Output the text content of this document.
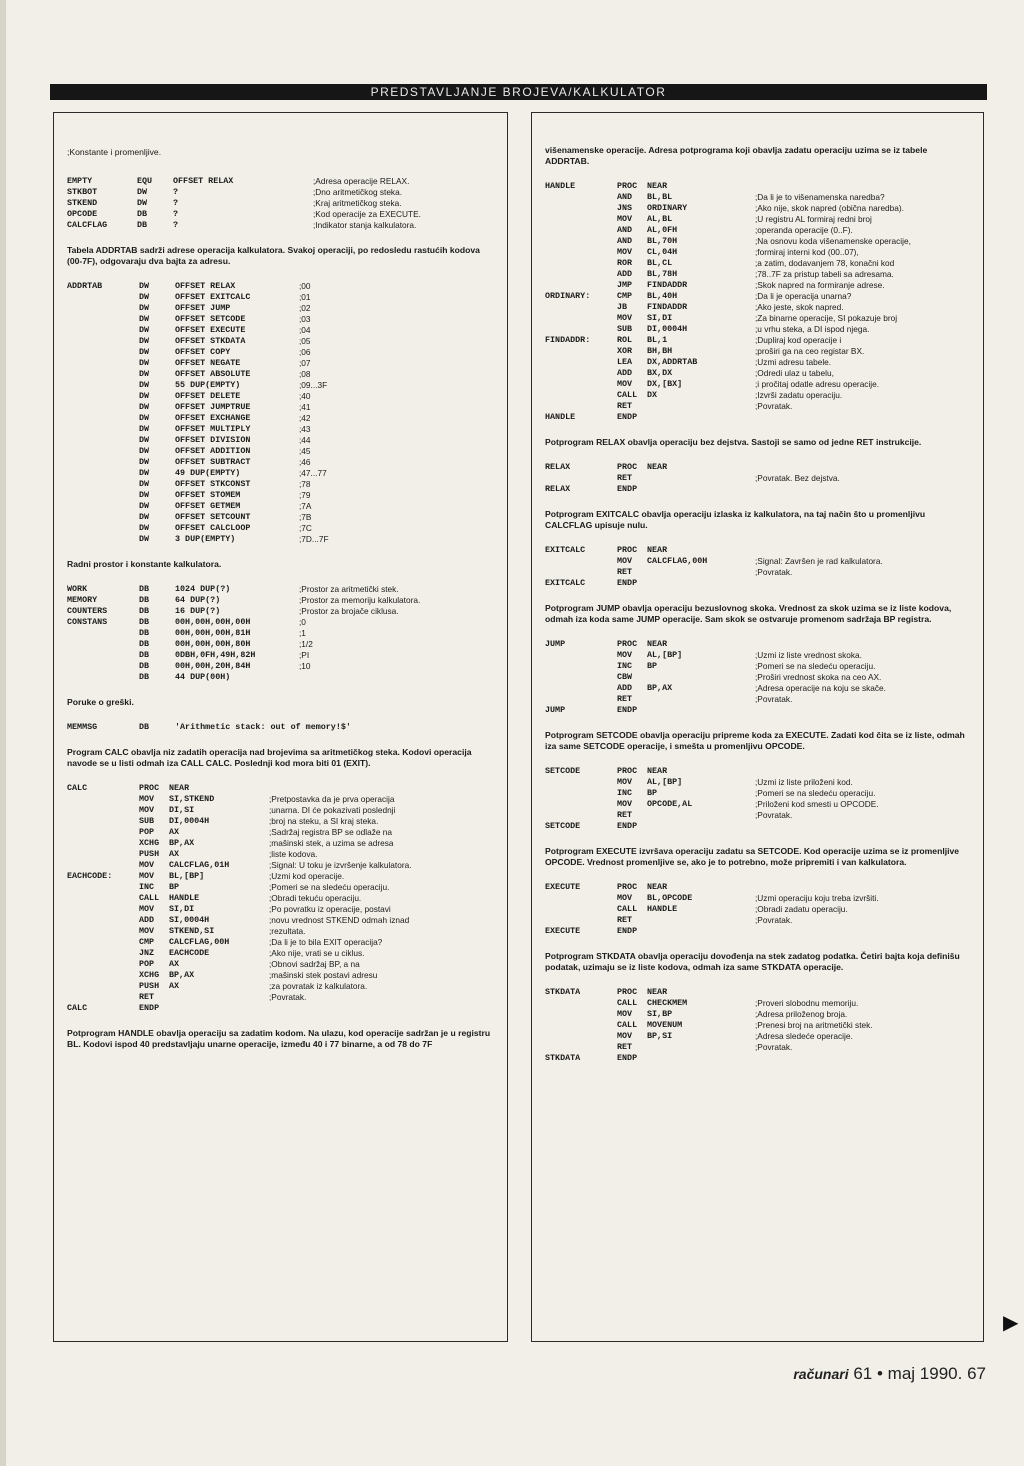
PREDSTAVLJANJE BROJEVA/KALKULATOR
;Konstante i promenljive.
EMPTY	EQU	OFFSET RELAX	;Adresa operacije RELAX.
STKBOT	DW	?	;Dno aritmetičkog steka.
STKEND	DW	?	;Kraj aritmetičkog steka.
OPCODE	DB	?	;Kod operacije za EXECUTE.
CALCFLAG	DB	?	;Indikator stanja kalkulatora.
Tabela ADDRTAB sadrži adrese operacija kalkulatora. Svakoj operaciji, po redosledu rastućih kodova (00-7F), odgovaraju dva bajta za adresu.
ADDRTAB	DW	OFFSET RELAX	;00
DW	OFFSET EXITCALC	;01
DW	OFFSET JUMP	;02
DW	OFFSET SETCODE	;03
DW	OFFSET EXECUTE	;04
DW	OFFSET STKDATA	;05
DW	OFFSET COPY	;06
DW	OFFSET NEGATE	;07
DW	OFFSET ABSOLUTE	;08
DW	55 DUP(EMPTY)	;09...3F
DW	OFFSET DELETE	;40
DW	OFFSET JUMPTRUE	;41
DW	OFFSET EXCHANGE	;42
DW	OFFSET MULTIPLY	;43
DW	OFFSET DIVISION	;44
DW	OFFSET ADDITION	;45
DW	OFFSET SUBTRACT	;46
DW	49 DUP(EMPTY)	;47...77
DW	OFFSET STKCONST	;78
DW	OFFSET STOMEM	;79
DW	OFFSET GETMEM	;7A
DW	OFFSET SETCOUNT	;7B
DW	OFFSET CALCLOOP	;7C
DW	3 DUP(EMPTY)	;7D...7F
Radni prostor i konstante kalkulatora.
WORK	DB	1024 DUP(?)	;Prostor za aritmetički stek.
MEMORY	DB	64 DUP(?)	;Prostor za memoriju kalkulatora.
COUNTERS	DB	16 DUP(?)	;Prostor za brojače ciklusa.
CONSTANS	DB	00H,00H,00H,00H	;0
DB	00H,00H,00H,81H	;1
DB	00H,00H,00H,80H	;1/2
DB	0DBH,0FH,49H,82H	;PI
DB	00H,00H,20H,84H	;10
DB	44 DUP(00H)
Poruke o greški.
MEMMSG	DB	'Arithmetic stack: out of memory!$'
Program CALC obavlja niz zadatih operacija nad brojevima sa aritmetičkog steka. Kodovi operacija navode se u listi odmah iza CALL CALC. Poslednji kod mora biti 01 (EXIT).
CALC	PROC	NEAR
MOV	SI,STKEND	;Pretpostavka da je prva operacija
MOV	DI,SI	;unarna. DI će pokazivati poslednji
SUB	DI,0004H	;broj na steku, a SI kraj steka.
POP	AX	;Sadržaj registra BP se odlaže na
XCHG	BP,AX	;mašinski stek, a uzima se adresa
PUSH	AX	;liste kodova.
MOV	CALCFLAG,01H	;Signal: U toku je izvršenje kalkulatora.
EACHCODE:	MOV	BL,[BP]	;Uzmi kod operacije.
INC	BP	;Pomeri se na sledeću operaciju.
CALL	HANDLE	;Obradi tekuću operaciju.
MOV	SI,DI	;Po povratku iz operacije, postavi
ADD	SI,0004H	;novu vrednost STKEND odmah iznad
MOV	STKEND,SI	;rezultata.
CMP	CALCFLAG,00H	;Da li je to bila EXIT operacija?
JNZ	EACHCODE	;Ako nije, vrati se u ciklus.
POP	AX	;Obnovi sadržaj BP, a na
XCHG	BP,AX	;mašinski stek postavi adresu
PUSH	AX	;za povratak iz kalkulatora.
RET	;Povratak.
CALC	ENDP
Potprogram HANDLE obavlja operaciju sa zadatim kodom. Na ulazu, kod operacije sadržan je u registru BL. Kodovi ispod 40 predstavljaju unarne operacije, između 40 i 77 binarne, a od 78 do 7F
višenamenske operacije. Adresa potprograma koji obavlja zadatu operaciju uzima se iz tabele ADDRTAB.
HANDLE	PROC	NEAR
AND	BL,BL	;Da li je to višenamenska naredba?
JNS	ORDINARY	;Ako nije, skok napred (obična naredba).
MOV	AL,BL	;U registru AL formiraj redni broj
AND	AL,0FH	;operanda operacije (0..F).
AND	BL,70H	;Na osnovu koda višenamenske operacije,
MOV	CL,04H	;formiraj interni kod (00..07),
ROR	BL,CL	;a zatim, dodavanjem 78, konačni kod
ADD	BL,78H	;78..7F za pristup tabeli sa adresama.
JMP	FINDADDR	;Skok napred na formiranje adrese.
ORDINARY:	CMP	BL,40H	;Da li je operacija unarna?
JB	FINDADDR	;Ako jeste, skok napred.
MOV	SI,DI	;Za binarne operacije, SI pokazuje broj
SUB	DI,0004H	;u vrhu steka, a DI ispod njega.
FINDADDR:	ROL	BL,1	;Dupliraj kod operacije i
XOR	BH,BH	;proširi ga na ceo registar BX.
LEA	DX,ADDRTAB	;Uzmi adresu tabele.
ADD	BX,DX	;Odredi ulaz u tabelu,
MOV	DX,[BX]	;i pročitaj odatle adresu operacije.
CALL	DX	;Izvrši zadatu operaciju.
RET	;Povratak.
HANDLE	ENDP
Potprogram RELAX obavlja operaciju bez dejstva. Sastoji se samo od jedne RET instrukcije.
RELAX	PROC	NEAR
RET	;Povratak. Bez dejstva.
RELAX	ENDP
Potprogram EXITCALC obavlja operaciju izlaska iz kalkulatora, na taj način što u promenljivu CALCFLAG upisuje nulu.
EXITCALC	PROC	NEAR
MOV	CALCFLAG,00H	;Signal: Završen je rad kalkulatora.
RET	;Povratak.
EXITCALC	ENDP
Potprogram JUMP obavlja operaciju bezuslovnog skoka. Vrednost za skok uzima se iz liste kodova, odmah iza koda same JUMP operacije. Sam skok se ostvaruje promenom sadržaja BP registra.
JUMP	PROC	NEAR
MOV	AL,[BP]	;Uzmi iz liste vrednost skoka.
INC	BP	;Pomeri se na sledeću operaciju.
CBW	;Proširi vrednost skoka na ceo AX.
ADD	BP,AX	;Adresa operacije na koju se skače.
RET	;Povratak.
JUMP	ENDP
Potprogram SETCODE obavlja operaciju pripreme koda za EXECUTE. Zadati kod čita se iz liste, odmah iza same SETCODE operacije, i smešta u promenljivu OPCODE.
SETCODE	PROC	NEAR
MOV	AL,[BP]	;Uzmi iz liste priloženi kod.
INC	BP	;Pomeri se na sledeću operaciju.
MOV	OPCODE,AL	;Priloženi kod smesti u OPCODE.
RET	;Povratak.
SETCODE	ENDP
Potprogram EXECUTE izvršava operaciju zadatu sa SETCODE. Kod operacije uzima se iz promenljive OPCODE. Vrednost promenljive se, ako je to potrebno, može pripremiti i van kalkulatora.
EXECUTE	PROC	NEAR
MOV	BL,OPCODE	;Uzmi operaciju koju treba izvršiti.
CALL	HANDLE	;Obradi zadatu operaciju.
RET	;Povratak.
EXECUTE	ENDP
Potprogram STKDATA obavlja operaciju dovođenja na stek zadatog podatka. Četiri bajta koja definišu podatak, uzimaju se iz liste kodova, odmah iza same STKDATA operacije.
STKDATA	PROC	NEAR
CALL	CHECKMEM	;Proveri slobodnu memoriju.
MOV	SI,BP	;Adresa priloženog broja.
CALL	MOVENUM	;Prenesi broj na aritmetički stek.
MOV	BP,SI	;Adresa sledeće operacije.
RET	;Povratak.
STKDATA	ENDP
▶
računari 61 • maj 1990. 67
